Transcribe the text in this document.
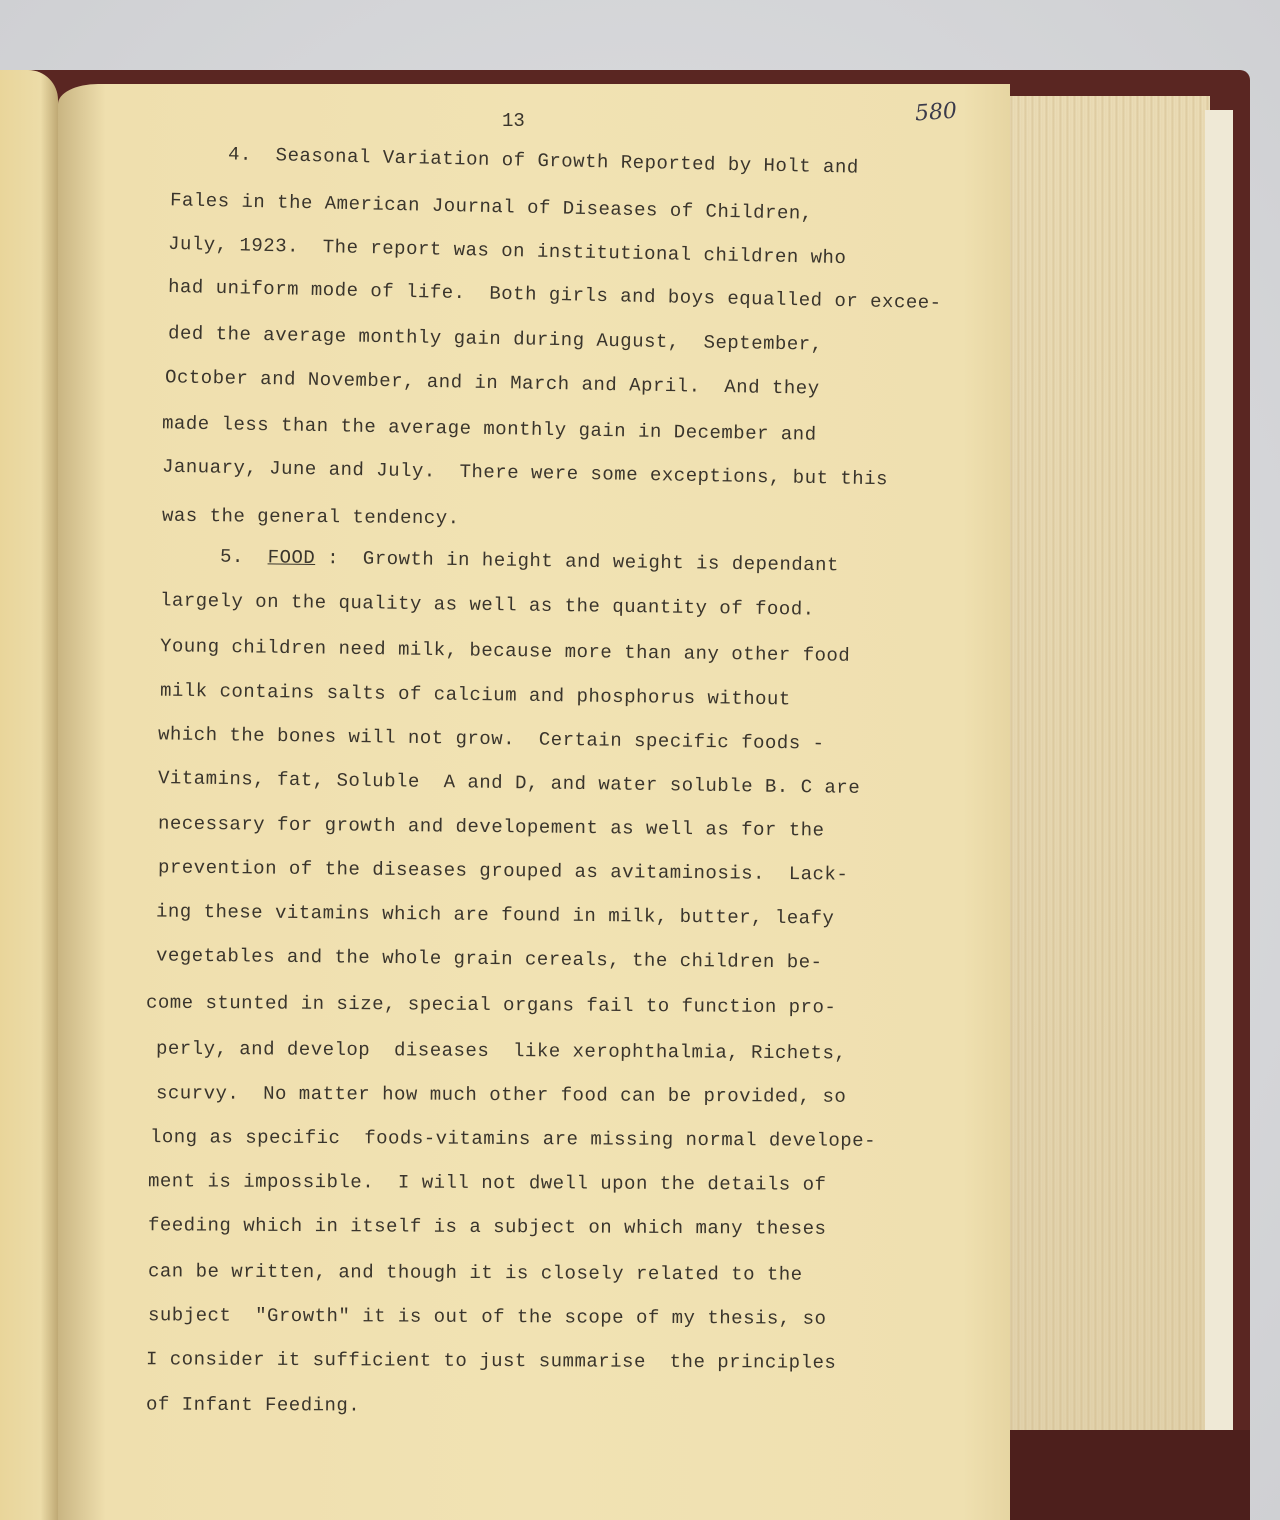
13	580
4.  Seasonal Variation of Growth Reported by Holt and
Fales in the American Journal of Diseases of Children,
July, 1923.  The report was on institutional children who
had uniform mode of life.  Both girls and boys equalled or excee-
ded the average monthly gain during August,  September,
October and November, and in March and April.  And they
made less than the average monthly gain in December and
January, June and July.  There were some exceptions, but this
was the general tendency.
5. FOOD :  Growth in height and weight is dependant
largely on the quality as well as the quantity of food.
Young children need milk, because more than any other food
milk contains salts of calcium and phosphorus without
which the bones will not grow.  Certain specific foods -
Vitamins, fat, Soluble  A and D, and water soluble B. C are
necessary for growth and developement as well as for the
prevention of the diseases grouped as avitaminosis.  Lack-
ing these vitamins which are found in milk, butter, leafy
vegetables and the whole grain cereals, the children be-
come stunted in size, special organs fail to function pro-
perly, and develop  diseases  like xerophthalmia, Richets,
scurvy.  No matter how much other food can be provided, so
long as specific  foods-vitamins are missing normal develope-
ment is impossible.  I will not dwell upon the details of
feeding which in itself is a subject on which many theses
can be written, and though it is closely related to the
subject  "Growth" it is out of the scope of my thesis, so
I consider it sufficient to just summarise  the principles
of Infant Feeding.
